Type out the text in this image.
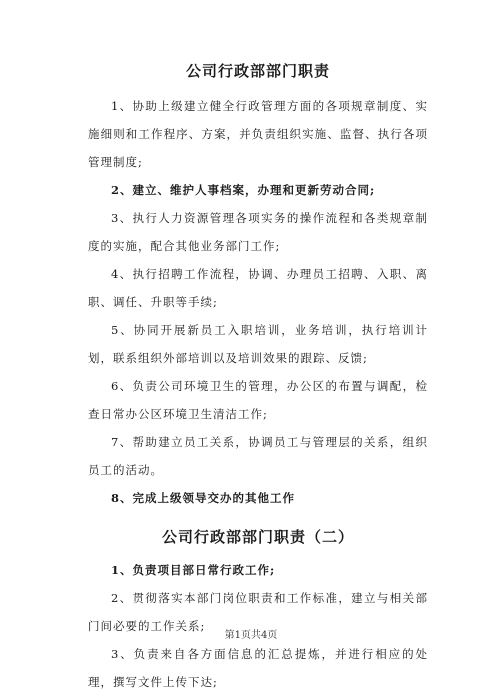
公司行政部部门职责

1、协助上级建立健全行政管理方面的各项规章制度、实施细则和工作程序、方案，并负责组织实施、监督、执行各项管理制度;

2、建立、维护人事档案，办理和更新劳动合同;

3、执行人力资源管理各项实务的操作流程和各类规章制度的实施，配合其他业务部门工作;

4、执行招聘工作流程，协调、办理员工招聘、入职、离职、调任、升职等手续;

5、协同开展新员工入职培训，业务培训，执行培训计划，联系组织外部培训以及培训效果的跟踪、反馈;

6、负责公司环境卫生的管理，办公区的布置与调配，检查日常办公区环境卫生清洁工作;

7、帮助建立员工关系，协调员工与管理层的关系，组织员工的活动。

8、完成上级领导交办的其他工作

公司行政部部门职责（二）

1、负责项目部日常行政工作;

2、贯彻落实本部门岗位职责和工作标准，建立与相关部门间必要的工作关系;

3、负责来自各方面信息的汇总提炼，并进行相应的处理，撰写文件上传下达;

第1页共4页
